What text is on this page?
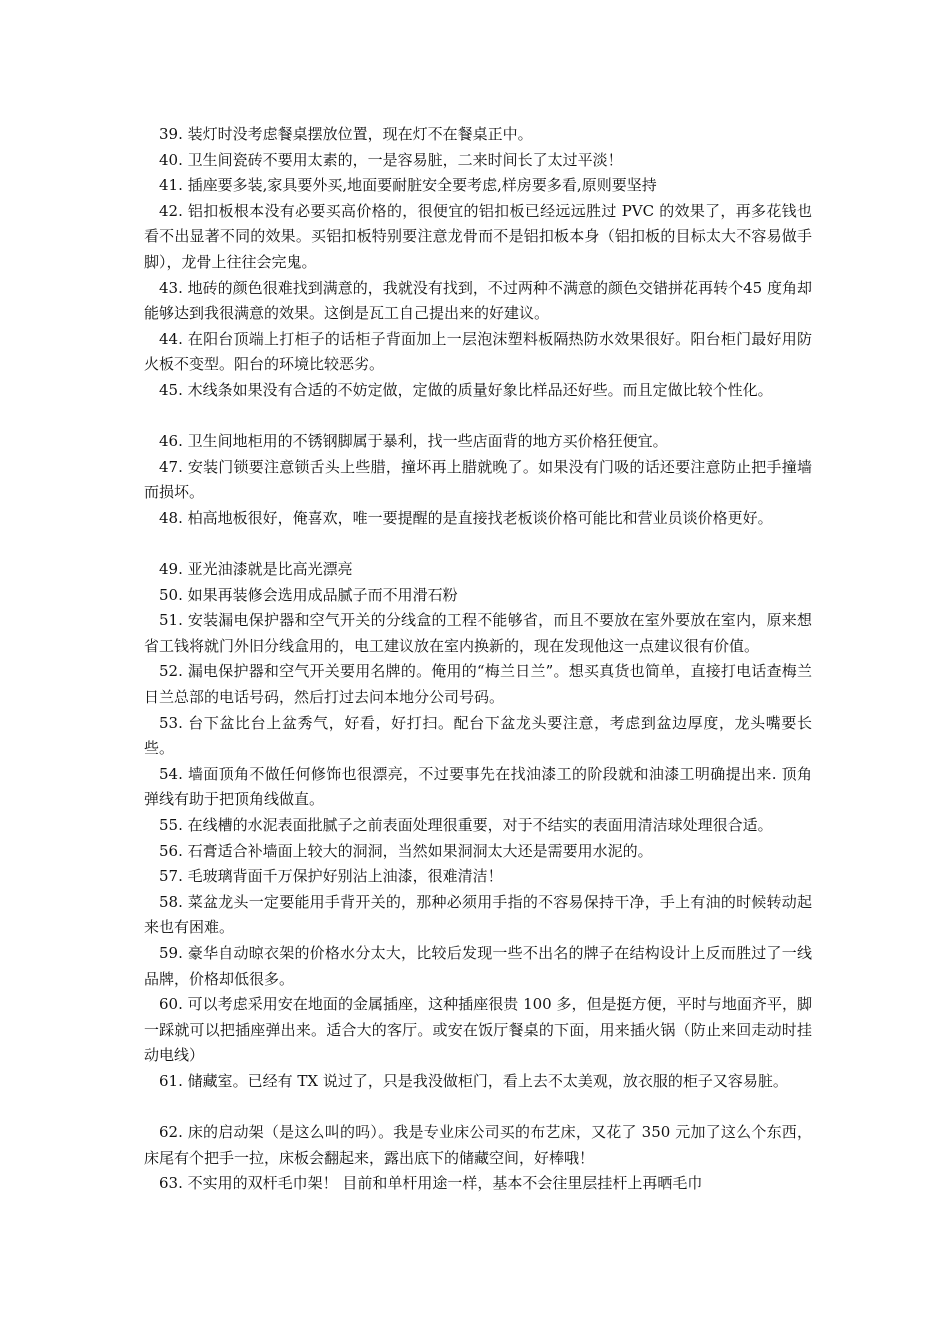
39. 装灯时没考虑餐桌摆放位置，现在灯不在餐桌正中。

40. 卫生间瓷砖不要用太素的，一是容易脏，二来时间长了太过平淡！

41. 插座要多装,家具要外买,地面要耐脏安全要考虑,样房要多看,原则要坚持

42. 铝扣板根本没有必要买高价格的，很便宜的铝扣板已经远远胜过 PVC 的效果了，再多花钱也看不出显著不同的效果。买铝扣板特别要注意龙骨而不是铝扣板本身（铝扣板的目标太大不容易做手脚），龙骨上往往会完鬼。

43. 地砖的颜色很难找到满意的，我就没有找到，不过两种不满意的颜色交错拼花再转个45 度角却能够达到我很满意的效果。这倒是瓦工自己提出来的好建议。

44. 在阳台顶端上打柜子的话柜子背面加上一层泡沫塑料板隔热防水效果很好。阳台柜门最好用防火板不变型。阳台的环境比较恶劣。

45. 木线条如果没有合适的不妨定做，定做的质量好象比样品还好些。而且定做比较个性化。

46. 卫生间地柜用的不锈钢脚属于暴利，找一些店面背的地方买价格狂便宜。

47. 安装门锁要注意锁舌头上些腊，撞坏再上腊就晚了。如果没有门吸的话还要注意防止把手撞墙而损坏。

48. 柏高地板很好，俺喜欢，唯一要提醒的是直接找老板谈价格可能比和营业员谈价格更好。

49. 亚光油漆就是比高光漂亮

50. 如果再装修会选用成品腻子而不用滑石粉

51. 安装漏电保护器和空气开关的分线盒的工程不能够省，而且不要放在室外要放在室内，原来想省工钱将就门外旧分线盒用的，电工建议放在室内换新的，现在发现他这一点建议很有价值。

52. 漏电保护器和空气开关要用名牌的。俺用的“梅兰日兰”。想买真货也简单，直接打电话查梅兰日兰总部的电话号码，然后打过去问本地分公司号码。

53. 台下盆比台上盆秀气，好看，好打扫。配台下盆龙头要注意，考虑到盆边厚度，龙头嘴要长些。

54. 墙面顶角不做任何修饰也很漂亮，不过要事先在找油漆工的阶段就和油漆工明确提出来. 顶角弹线有助于把顶角线做直。

55. 在线槽的水泥表面批腻子之前表面处理很重要，对于不结实的表面用清洁球处理很合适。

56. 石膏适合补墙面上较大的洞洞，当然如果洞洞太大还是需要用水泥的。

57. 毛玻璃背面千万保护好别沾上油漆，很难清洁！

58. 菜盆龙头一定要能用手背开关的，那种必须用手指的不容易保持干净，手上有油的时候转动起来也有困难。

59. 豪华自动晾衣架的价格水分太大，比较后发现一些不出名的牌子在结构设计上反而胜过了一线品牌，价格却低很多。

60. 可以考虑采用安在地面的金属插座，这种插座很贵 100 多，但是挺方便，平时与地面齐平，脚一踩就可以把插座弹出来。适合大的客厅。或安在饭厅餐桌的下面，用来插火锅（防止来回走动时挂动电线）

61. 储藏室。已经有 TX 说过了，只是我没做柜门，看上去不太美观，放衣服的柜子又容易脏。

62. 床的启动架（是这么叫的吗）。我是专业床公司买的布艺床，又花了 350 元加了这么个东西，床尾有个把手一拉，床板会翻起来，露出底下的储藏空间，好棒哦！

63. 不实用的双杆毛巾架！ 目前和单杆用途一样，基本不会往里层挂杆上再晒毛巾
